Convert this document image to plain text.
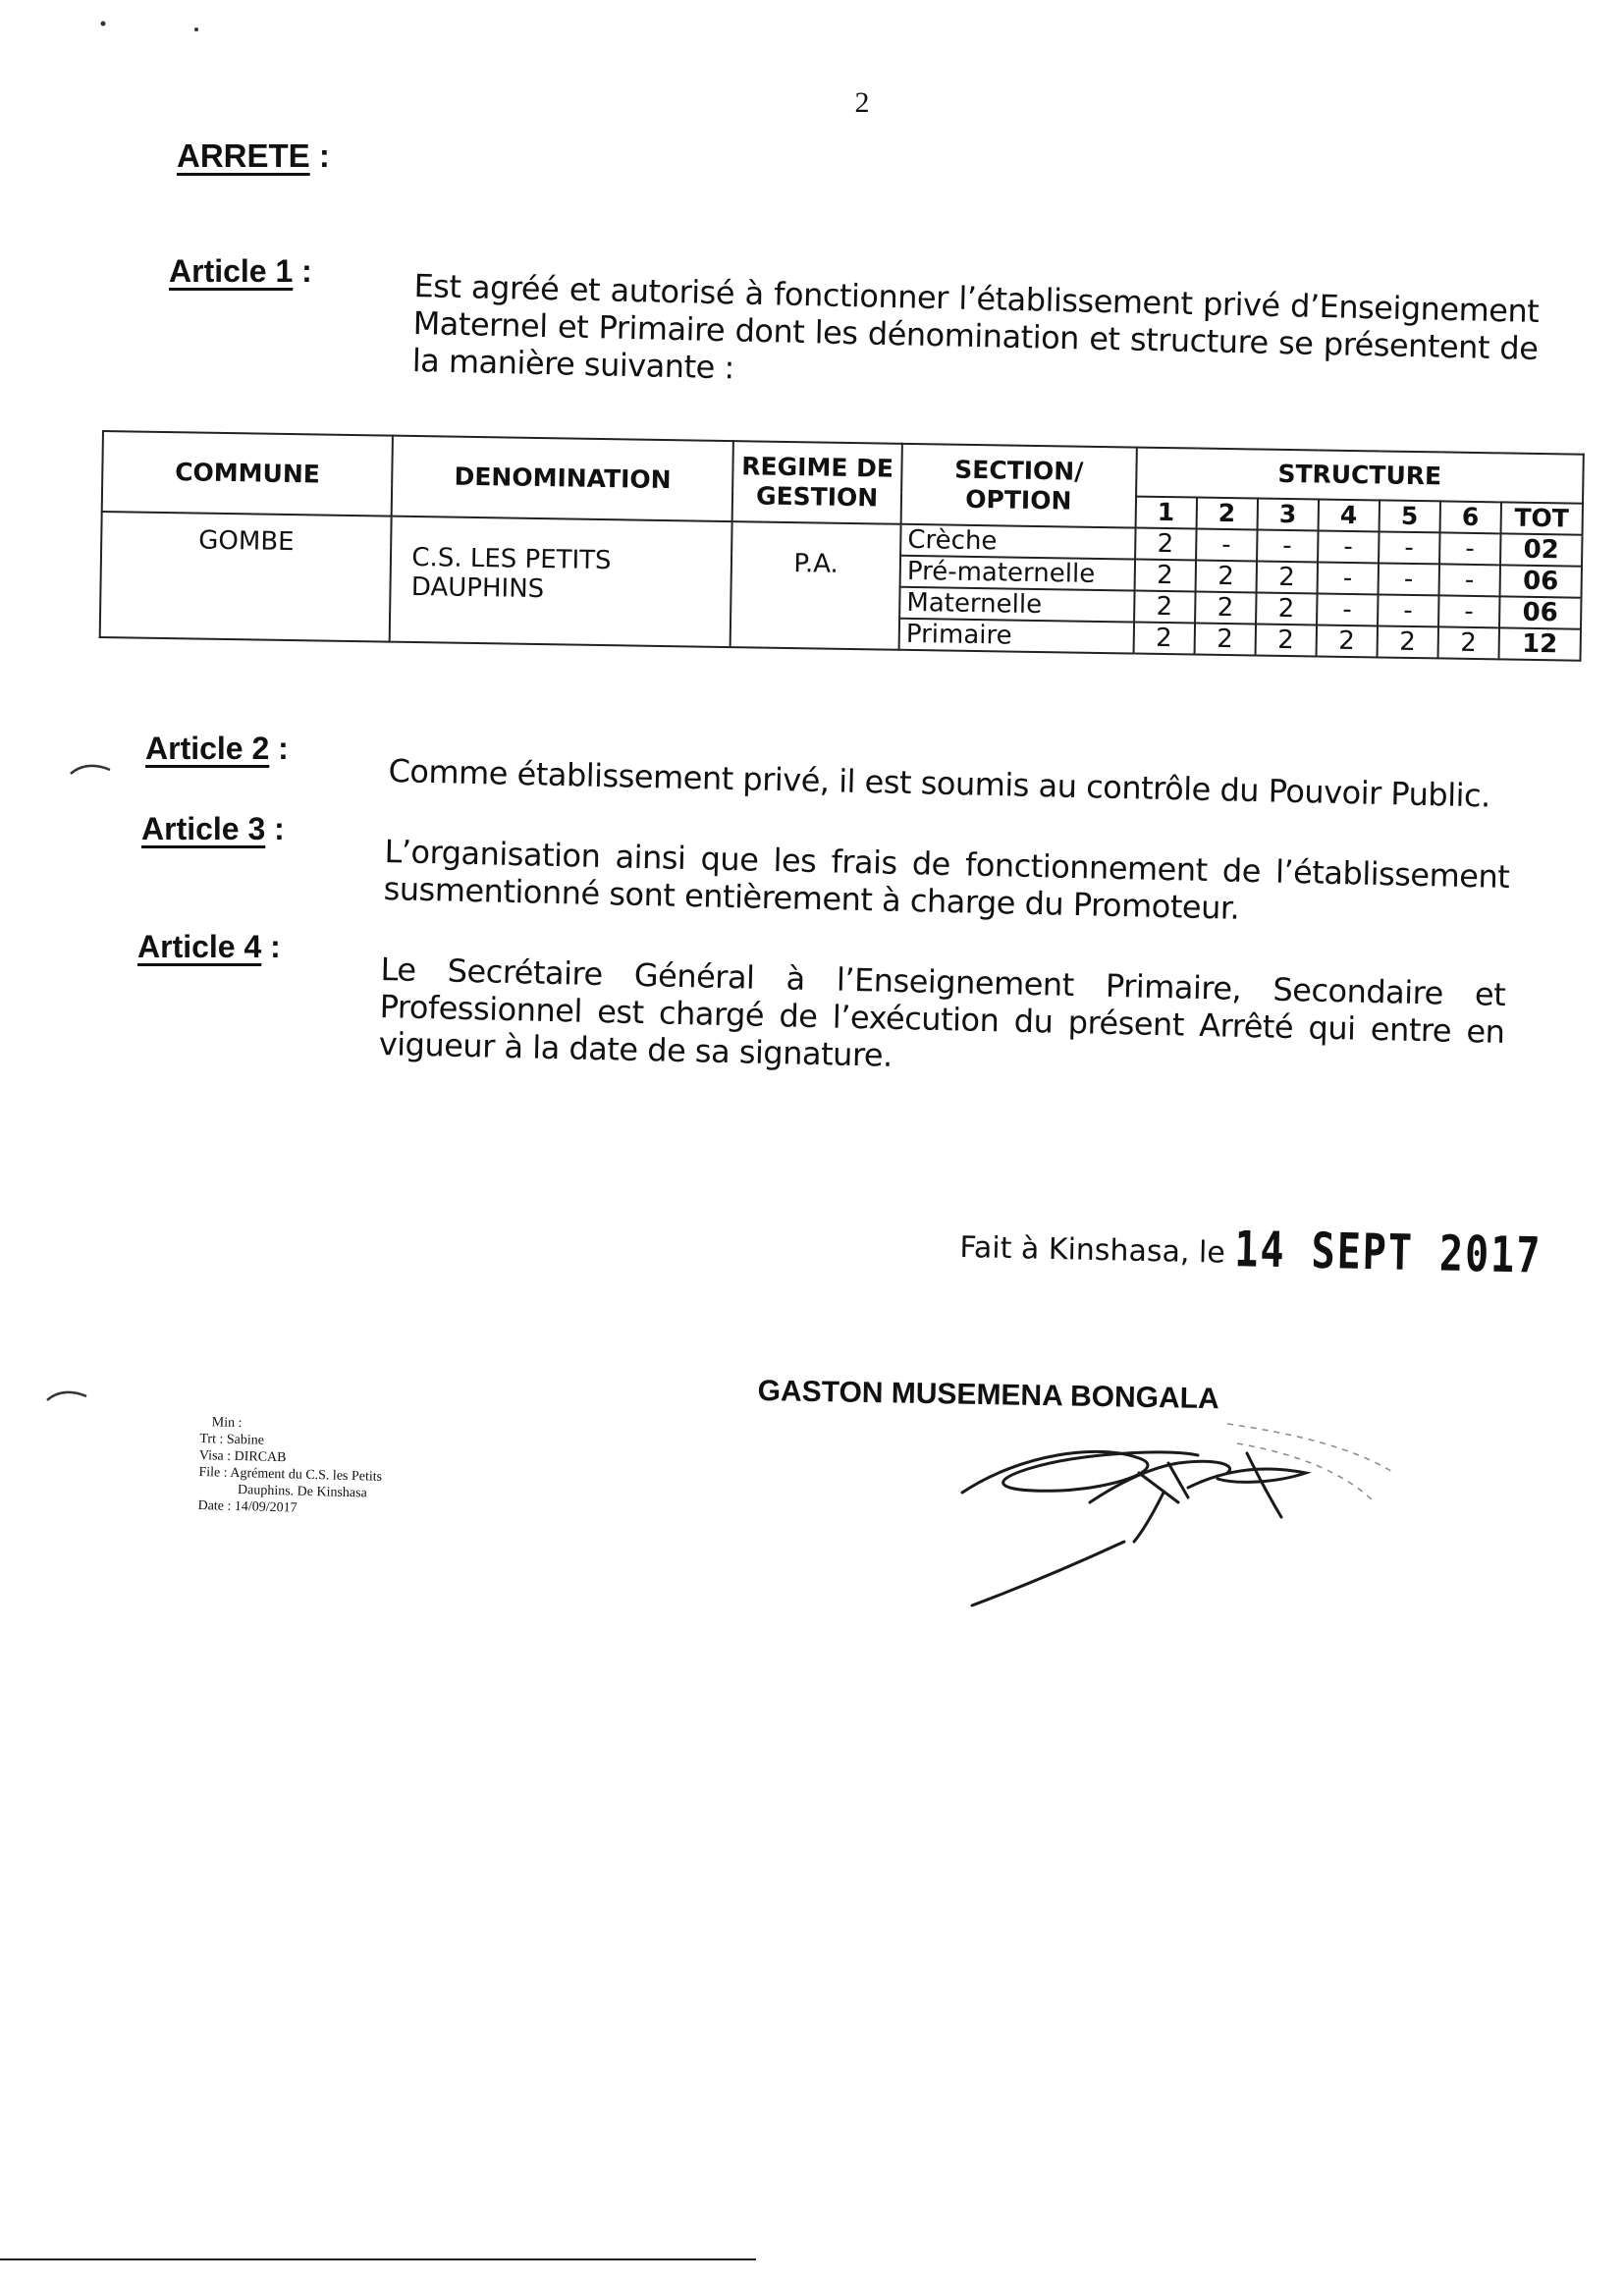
2
ARRETE :
Article 1 :	Est agréé et autorisé à fonctionner l’établissement privé d’Enseignement Maternel et Primaire dont les dénomination et structure se présentent de la manière suivante :
COMMUNE	DENOMINATION	REGIME DE GESTION	SECTION/ OPTION	STRUCTURE						
				1	2	3	4	5	6	TOT
GOMBE	C.S. LES PETITS DAUPHINS	P.A.	Crèche	2	-	-	-	-	-	02
			Pré-maternelle	2	2	2	-	-	-	06
			Maternelle	2	2	2	-	-	-	06
			Primaire	2	2	2	2	2	2	12
Article 2 :
Comme établissement privé, il est soumis au contrôle du Pouvoir Public.
Article 3 :
L’organisation ainsi que les frais de fonctionnement de l’établissement susmentionné sont entièrement à charge du Promoteur.
Article 4 :
Le Secrétaire Général à l’Enseignement Primaire, Secondaire et Professionnel est chargé de l’exécution du présent Arrêté qui entre en vigueur à la date de sa signature.
Fait à Kinshasa, le 14 SEPT 2017
GASTON MUSEMENA BONGALA
Min :
Trt : Sabine
Visa : DIRCAB
File : Agrément du C.S. les Petits
Dauphins. De Kinshasa
Date : 14/09/2017
